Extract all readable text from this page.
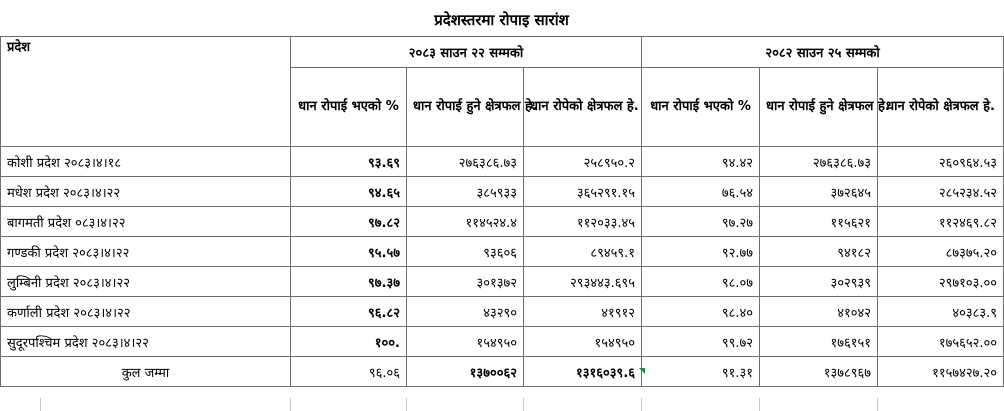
प्रदेशस्तरमा रोपाइ सारांश
प्रदेश	२०८३ साउन २२ सम्मको			२०८२ साउन २५ सम्मको		
	धान रोपाई भएको %	धान रोपाई हुने क्षेत्रफल हे.	धान रोपेको क्षेत्रफल हे.	धान रोपाई भएको %	धान रोपाई हुने क्षेत्रफल हे.	धान रोपेको क्षेत्रफल हे.
कोशी प्रदेश २०८३।४।१८	९३.६९	२७६३८६.७३	२५८९५०.२	९४.४२	२७६३८६.७३	२६०९६४.५३
मधेश प्रदेश २०८३।४।२२	९४.६५	३८५९३३	३६५२९१.१५	७६.५४	३७२६४५	२८५२३४.५२
बागमती प्रदेश ०८३।४।२२	९७.८२	११४५२४.४	११२०३३.४५	९७.२७	११५६२१	११२४६९.८२
गण्डकी प्रदेश २०८३।४।२२	९५.५७	९३६०६	८९४५९.१	९२.७७	९४१८२	८७३७५.२०
लुम्बिनी प्रदेश २०८३।४।२२	९७.३७	३०१३७२	२९३४४३.६९५	९८.०७	३०२९३९	२९७१०३.००
कर्णाली प्रदेश २०८३।४।२२	९६.८२	४३२९०	४१९१२	९८.४०	४१०४२	४०३८३.९
सुदूरपश्चिम प्रदेश २०८३।४।२२	१००.	१५४९५०	१५४९५०	९९.७२	१७६१५१	१७५६५२.००
कुल जम्मा	९६.०६	१३७००६२	१३१६०३९.६	९१.३१	१३७८९६७	११५७४२७.२०
